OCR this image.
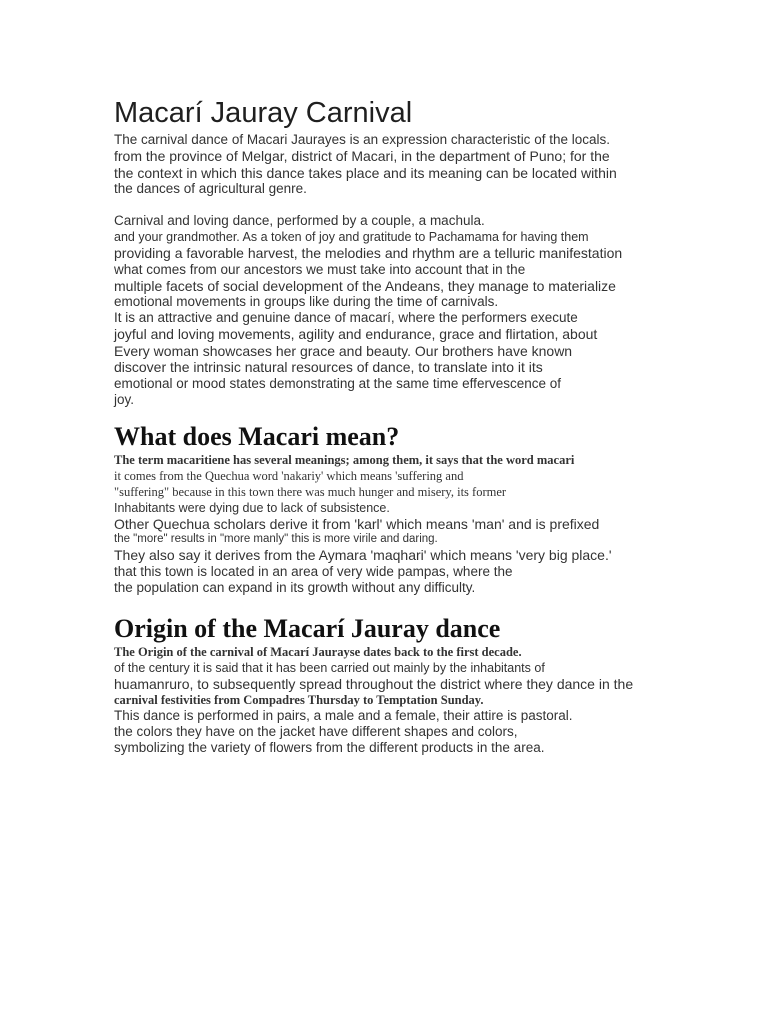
Macarí Jauray Carnival
The carnival dance of Macari Jaurayes is an expression characteristic of the locals.
from the province of Melgar, district of Macari, in the department of Puno; for the
the context in which this dance takes place and its meaning can be located within
the dances of agricultural genre.
Carnival and loving dance, performed by a couple, a machula.
and your grandmother. As a token of joy and gratitude to Pachamama for having them
providing a favorable harvest, the melodies and rhythm are a telluric manifestation
what comes from our ancestors we must take into account that in the
multiple facets of social development of the Andeans, they manage to materialize
emotional movements in groups like during the time of carnivals.
It is an attractive and genuine dance of macarí, where the performers execute
joyful and loving movements, agility and endurance, grace and flirtation, about
Every woman showcases her grace and beauty. Our brothers have known
discover the intrinsic natural resources of dance, to translate into it its
emotional or mood states demonstrating at the same time effervescence of
joy.
What does Macari mean?
The term macaritiene has several meanings; among them, it says that the word macari
it comes from the Quechua word 'nakariy' which means 'suffering and
"suffering" because in this town there was much hunger and misery, its former
Inhabitants were dying due to lack of subsistence.
Other Quechua scholars derive it from 'karl' which means 'man' and is prefixed
the "more" results in "more manly" this is more virile and daring.
They also say it derives from the Aymara 'maqhari' which means 'very big place.'
that this town is located in an area of very wide pampas, where the
the population can expand in its growth without any difficulty.
Origin of the Macarí Jauray dance
The Origin of the carnival of Macarí Jaurayse dates back to the first decade.
of the century it is said that it has been carried out mainly by the inhabitants of
huamanruro, to subsequently spread throughout the district where they dance in the
carnival festivities from Compadres Thursday to Temptation Sunday.
This dance is performed in pairs, a male and a female, their attire is pastoral.
the colors they have on the jacket have different shapes and colors,
symbolizing the variety of flowers from the different products in the area.
